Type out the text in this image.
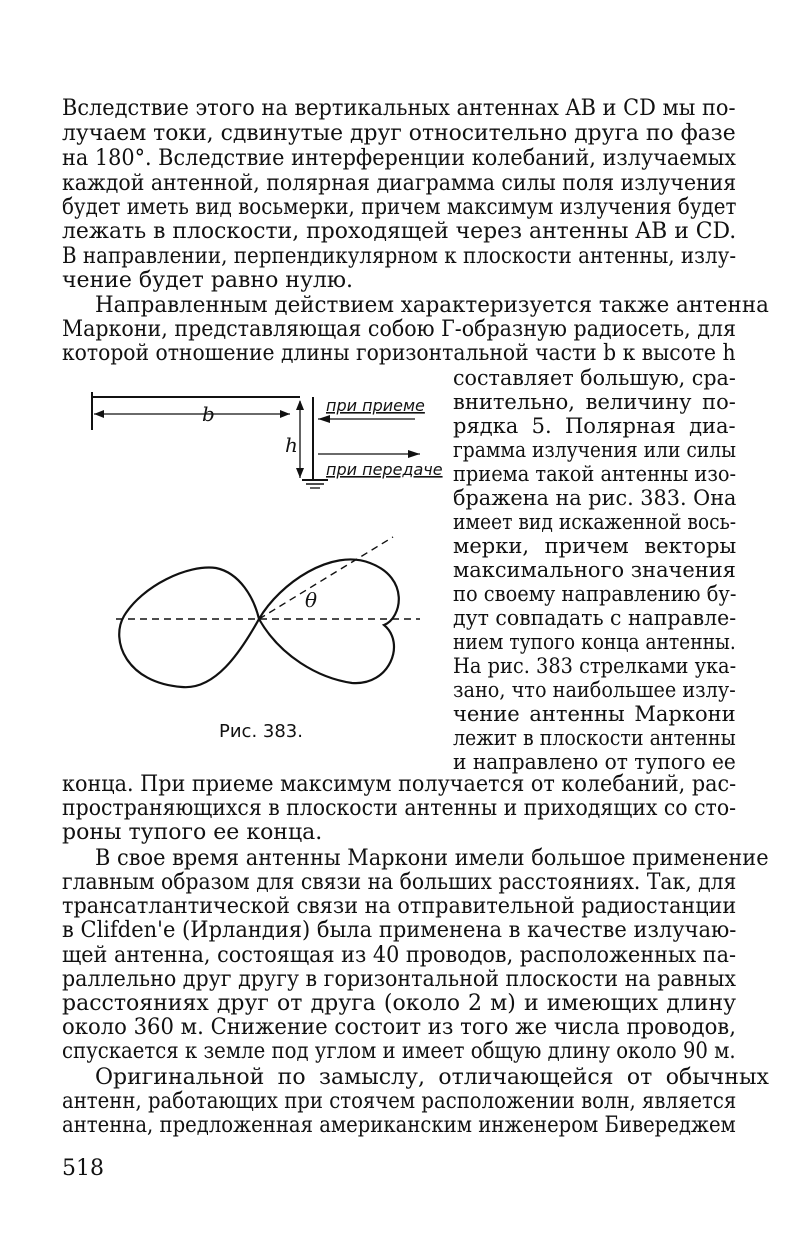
Вследствие этого на вертикальных антеннах AB и CD мы по-
лучаем токи, сдвинутые друг относительно друга по фазе
на 180°. Вследствие интерференции колебаний, излучаемых
каждой антенной, полярная диаграмма силы поля излучения
будет иметь вид восьмерки, причем максимум излучения будет
лежать в плоскости, проходящей через антенны AB и CD.
В направлении, перпендикулярном к плоскости антенны, излу-
чение будет равно нулю.
Направленным действием характеризуется также антенна
Маркони, представляющая собою Г-образную радиосеть, для
которой отношение длины горизонтальной части b к высоте h
составляет большую, сра-
внительно, величину по-
рядка 5. Полярная диа-
грамма излучения или силы
приема такой антенны изо-
бражена на рис. 383. Она
имеет вид искаженной вось-
мерки, причем векторы
максимального значения
по своему направлению бу-
дут совпадать с направле-
нием тупого конца антенны.
На рис. 383 стрелками ука-
зано, что наибольшее излу-
чение антенны Маркони
лежит в плоскости антенны
и направлено от тупого ее
b
h
при приеме
при передаче
θ
Рис. 383.
конца. При приеме максимум получается от колебаний, рас-
пространяющихся в плоскости антенны и приходящих со сто-
роны тупого ее конца.
В свое время антенны Маркони имели большое применение
главным образом для связи на больших расстояниях. Так, для
трансатлантической связи на отправительной радиостанции
в Clifden'е (Ирландия) была применена в качестве излучаю-
щей антенна, состоящая из 40 проводов, расположенных па-
раллельно друг другу в горизонтальной плоскости на равных
расстояниях друг от друга (около 2 м) и имеющих длину
около 360 м. Снижение состоит из того же числа проводов,
спускается к земле под углом и имеет общую длину около 90 м.
Оригинальной по замыслу, отличающейся от обычных
антенн, работающих при стоячем расположении волн, является
антенна, предложенная американским инженером Бивереджем
518
